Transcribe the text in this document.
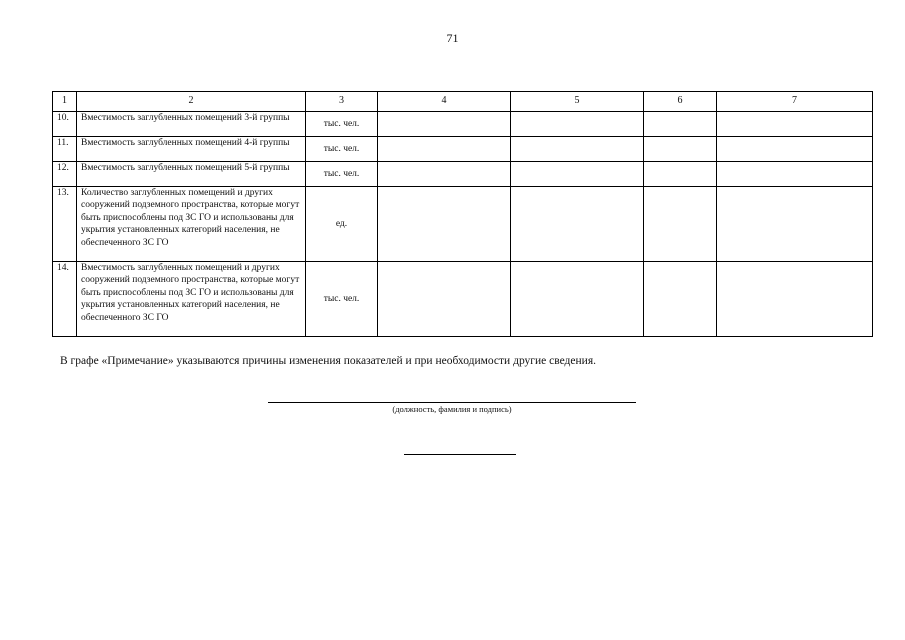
71
1	2	3	4	5	6	7
10.	Вместимость заглубленных помещений 3-й группы	тыс. чел.				
11.	Вместимость заглубленных помещений 4-й группы	тыс. чел.				
12.	Вместимость заглубленных помещений 5-й группы	тыс. чел.				
13.	Количество заглубленных помещений и других сооружений подземного пространства, которые могут быть приспособлены под ЗС ГО и использованы для укрытия установленных категорий населения, не обеспеченного ЗС ГО	ед.				
14.	Вместимость заглубленных помещений и других сооружений подземного пространства, которые могут быть приспособлены под ЗС ГО и использованы для укрытия установленных категорий населения, не обеспеченного ЗС ГО	тыс. чел.				
В графе «Примечание» указываются причины изменения показателей и при необходимости другие сведения.
(должность, фамилия и подпись)
